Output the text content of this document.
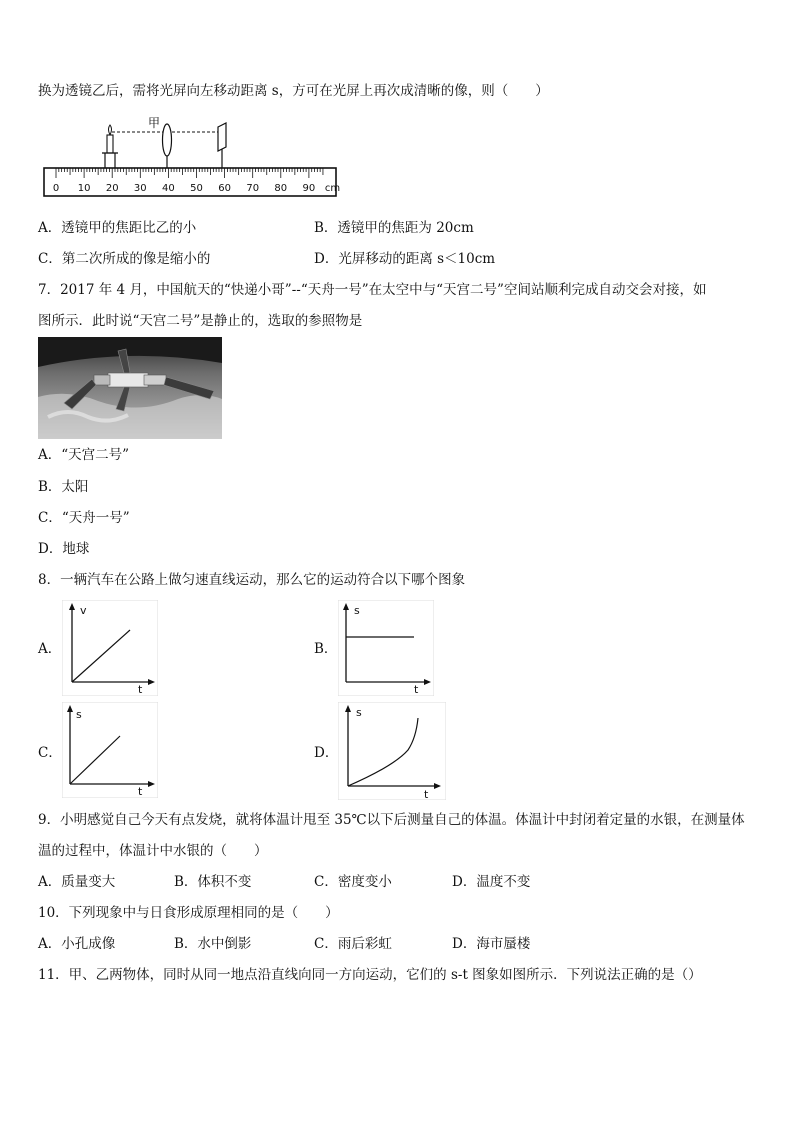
换为透镜乙后，需将光屏向左移动距离 s，方可在光屏上再次成清晰的像，则（　　）
甲
0 10 20 30 40 50 60 70 80 90 cm
A．透镜甲的焦距比乙的小	B．透镜甲的焦距为 20cm
C．第二次所成的像是缩小的	D．光屏移动的距离 s＜10cm
7．2017 年 4 月，中国航天的“快递小哥”--“天舟一号”在太空中与“天宫二号”空间站顺利完成自动交会对接，如
图所示．此时说“天宫二号”是静止的，选取的参照物是
A．“天宫二号”
B．太阳
C．“天舟一号”
D．地球
8．一辆汽车在公路上做匀速直线运动，那么它的运动符合以下哪个图象
A．
v
t
B．
s
t
C．
s
t
D．
s
t
9．小明感觉自己今天有点发烧，就将体温计甩至 35℃以下后测量自己的体温。体温计中封闭着定量的水银，在测量体
温的过程中，体温计中水银的（　　）
A．质量变大	B．体积不变	C．密度变小	D．温度不变
10．下列现象中与日食形成原理相同的是（　　）
A．小孔成像	B．水中倒影	C．雨后彩虹	D．海市蜃楼
11．甲、乙两物体，同时从同一地点沿直线向同一方向运动，它们的 s-t 图象如图所示．下列说法正确的是（）
